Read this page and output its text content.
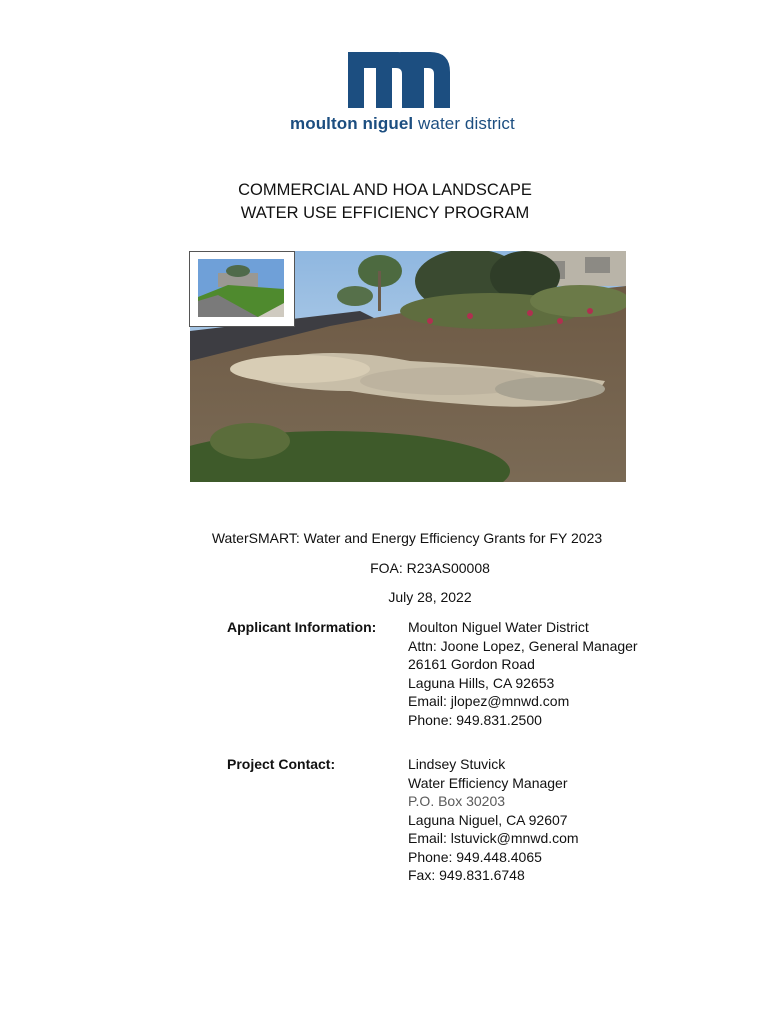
moulton niguel water district
COMMERCIAL AND HOA LANDSCAPE
WATER USE EFFICIENCY PROGRAM
WaterSMART: Water and Energy Efficiency Grants for FY 2023
FOA: R23AS00008
July 28, 2022
Applicant Information: Moulton Niguel Water District
Attn: Joone Lopez, General Manager
26161 Gordon Road
Laguna Hills, CA 92653
Email: jlopez@mnwd.com
Phone: 949.831.2500
Project Contact:	Lindsey Stuvick
Water Efficiency Manager
P.O. Box 30203
Laguna Niguel, CA 92607
Email: lstuvick@mnwd.com
Phone: 949.448.4065
Fax: 949.831.6748
